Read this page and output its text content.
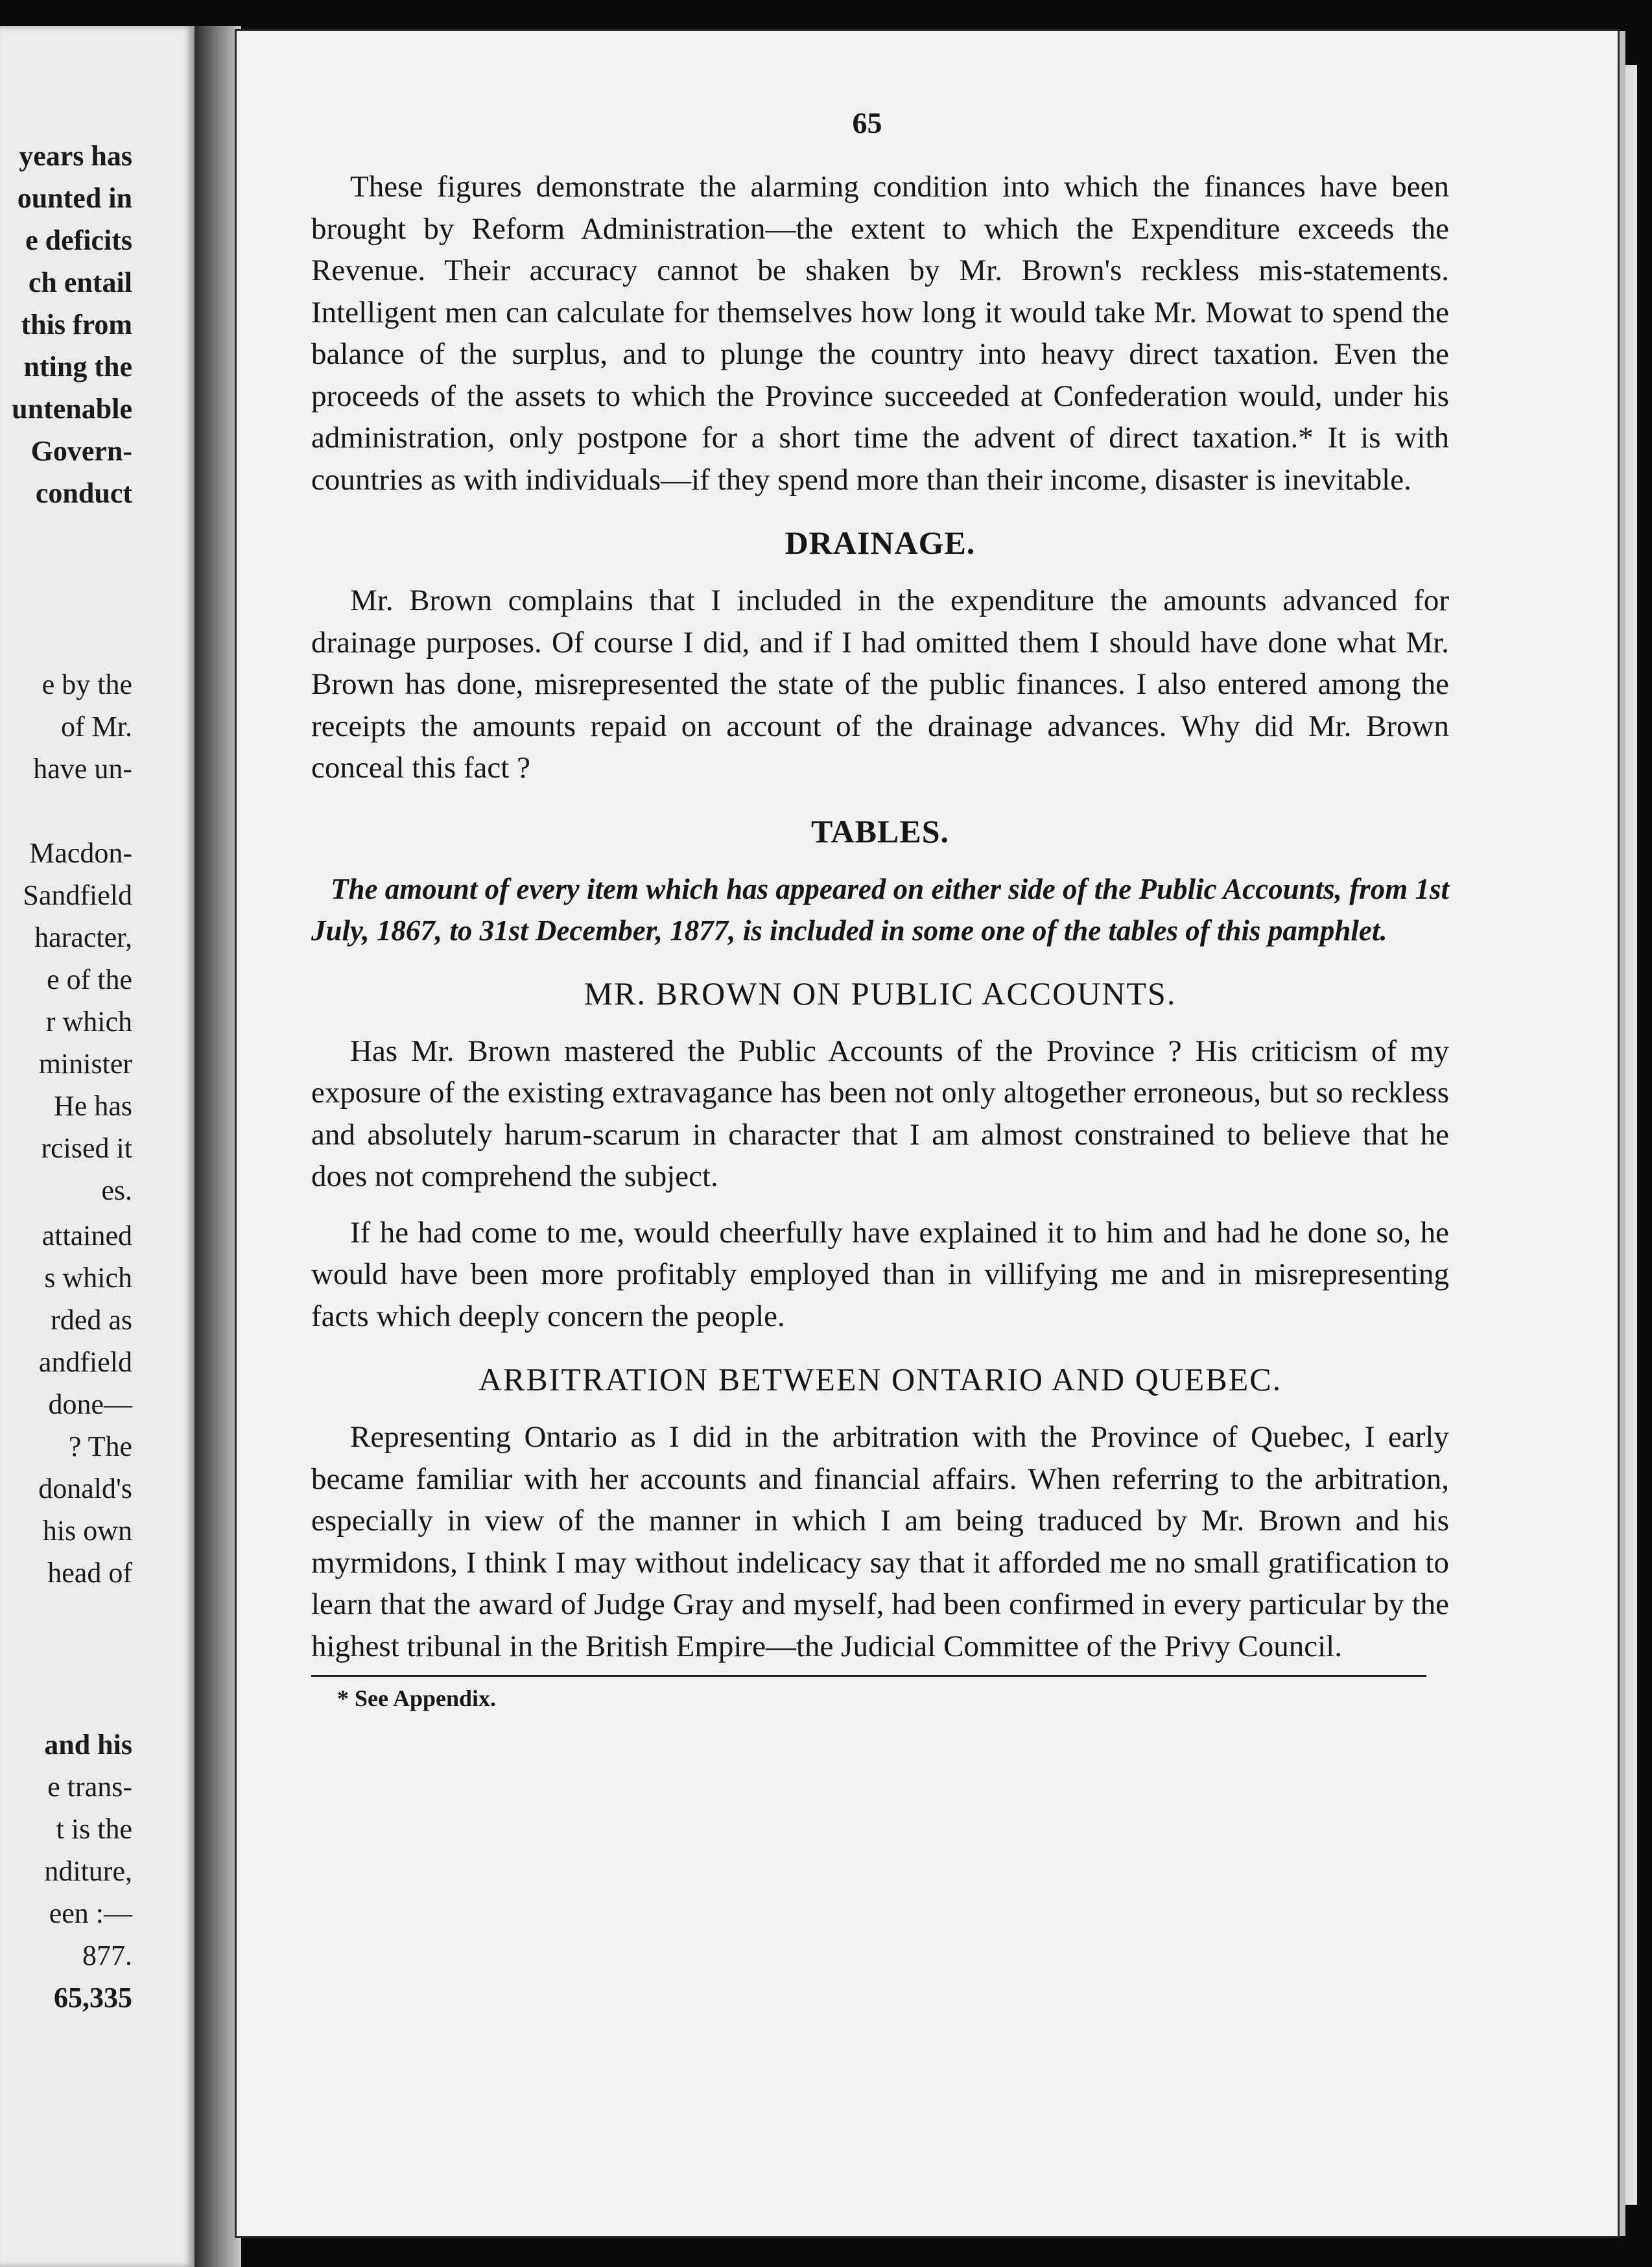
years has
ounted in
e deficits
ch entail
this from
nting the
untenable
Govern-
conduct
e by the
of Mr.
have un-
Macdon-
Sandfield
haracter,
e of the
r which
minister
He has
rcised it
es.
attained
s which
rded as
andfield
done—
? The
donald's
his own
head of
and his
e trans-
t is the
nditure,
een :—
877.
65,335
65

These figures demonstrate the alarming condition into which the finances have been brought by Reform Administration—the extent to which the Expenditure exceeds the Revenue. Their accuracy cannot be shaken by Mr. Brown's reckless mis-statements. Intelligent men can calculate for themselves how long it would take Mr. Mowat to spend the balance of the surplus, and to plunge the country into heavy direct taxation. Even the proceeds of the assets to which the Province succeeded at Confederation would, under his administration, only postpone for a short time the advent of direct taxation.* It is with countries as with individuals—if they spend more than their income, disaster is inevitable.

DRAINAGE.

Mr. Brown complains that I included in the expenditure the amounts advanced for drainage purposes. Of course I did, and if I had omitted them I should have done what Mr. Brown has done, misrepresented the state of the public finances. I also entered among the receipts the amounts repaid on account of the drainage advances. Why did Mr. Brown conceal this fact ?

TABLES.

The amount of every item which has appeared on either side of the Public Accounts, from 1st July, 1867, to 31st December, 1877, is included in some one of the tables of this pamphlet.

MR. BROWN ON PUBLIC ACCOUNTS.

Has Mr. Brown mastered the Public Accounts of the Province ? His criticism of my exposure of the existing extravagance has been not only altogether erroneous, but so reckless and absolutely harum-scarum in character that I am almost constrained to believe that he does not comprehend the subject.

If he had come to me, would cheerfully have explained it to him and had he done so, he would have been more profitably employed than in villifying me and in misrepresenting facts which deeply concern the people.

ARBITRATION BETWEEN ONTARIO AND QUEBEC.

Representing Ontario as I did in the arbitration with the Province of Quebec, I early became familiar with her accounts and financial affairs. When referring to the arbitration, especially in view of the manner in which I am being traduced by Mr. Brown and his myrmidons, I think I may without indelicacy say that it afforded me no small gratification to learn that the award of Judge Gray and myself, had been confirmed in every particular by the highest tribunal in the British Empire—the Judicial Committee of the Privy Council.

* See Appendix.
